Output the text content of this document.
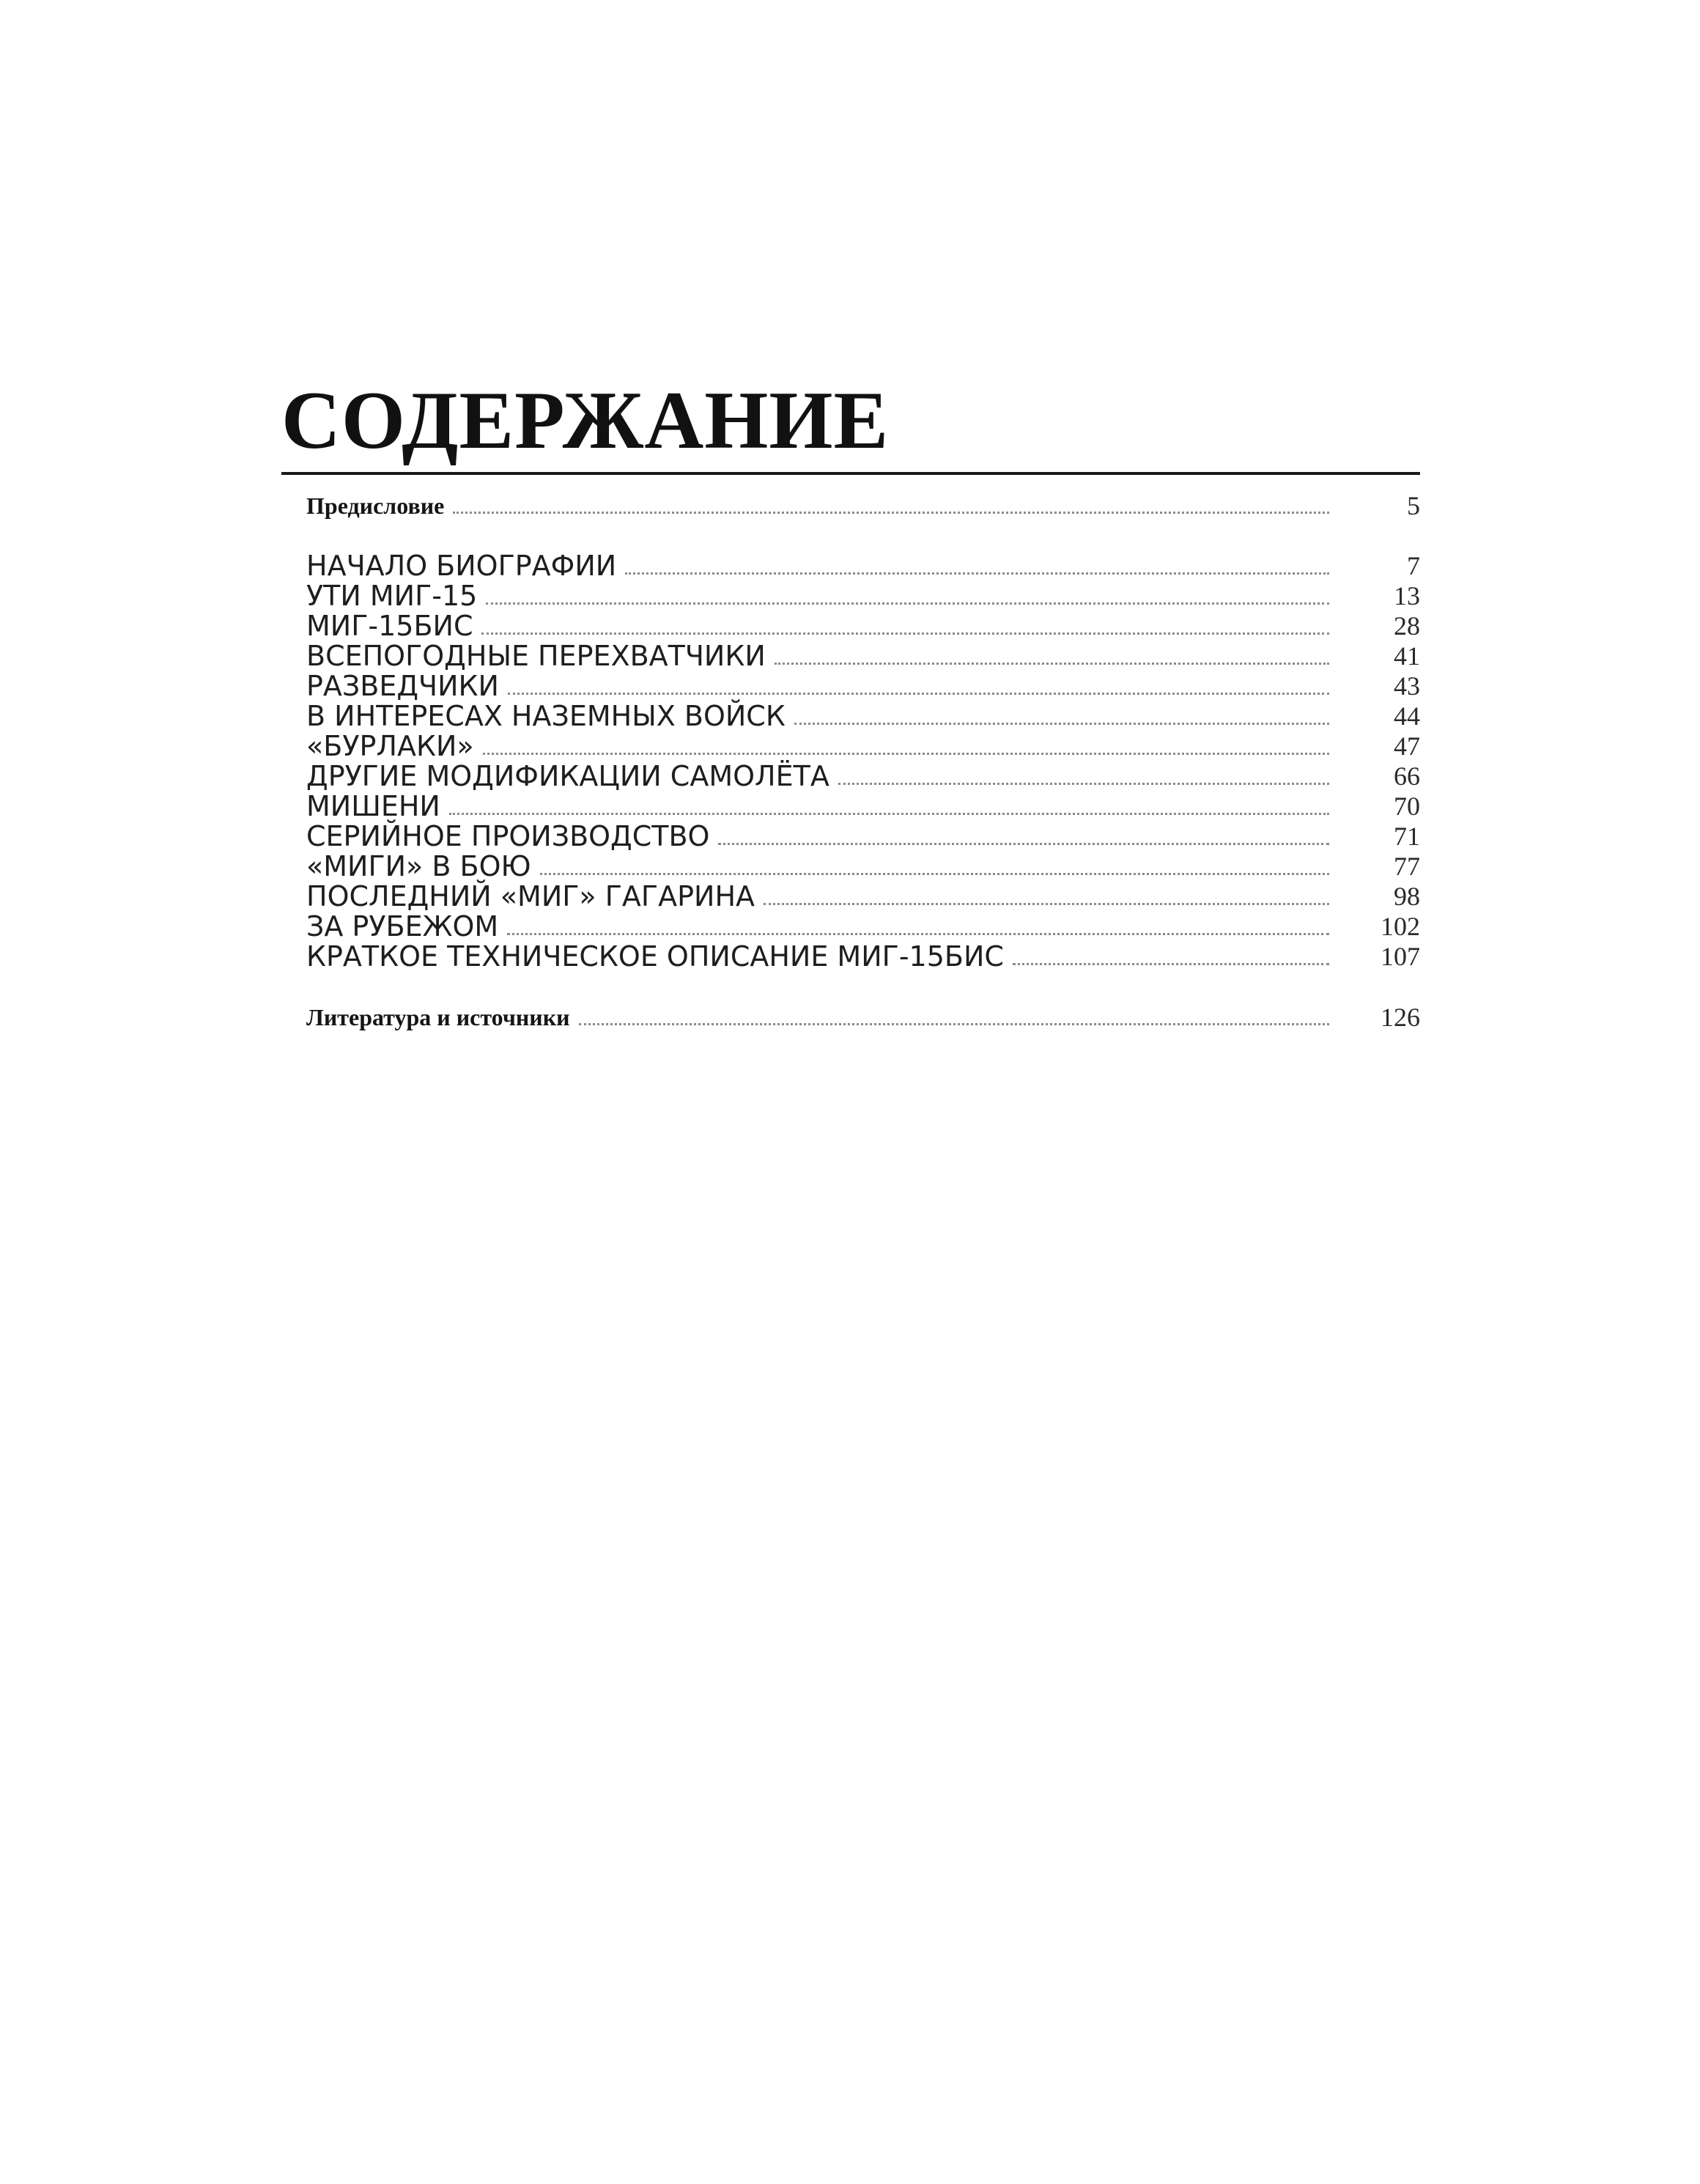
СОДЕРЖАНИЕ
Предисловие	5
НАЧАЛО БИОГРАФИИ	7
УТИ МИГ-15	13
МИГ-15БИС	28
ВСЕПОГОДНЫЕ ПЕРЕХВАТЧИКИ	41
РАЗВЕДЧИКИ	43
В ИНТЕРЕСАХ НАЗЕМНЫХ ВОЙСК	44
«БУРЛАКИ»	47
ДРУГИЕ МОДИФИКАЦИИ САМОЛЁТА	66
МИШЕНИ	70
СЕРИЙНОЕ ПРОИЗВОДСТВО	71
«МИГИ» В БОЮ	77
ПОСЛЕДНИЙ «МИГ» ГАГАРИНА	98
ЗА РУБЕЖОМ	102
КРАТКОЕ ТЕХНИЧЕСКОЕ ОПИСАНИЕ МИГ-15БИС	107
Литература и источники	126
